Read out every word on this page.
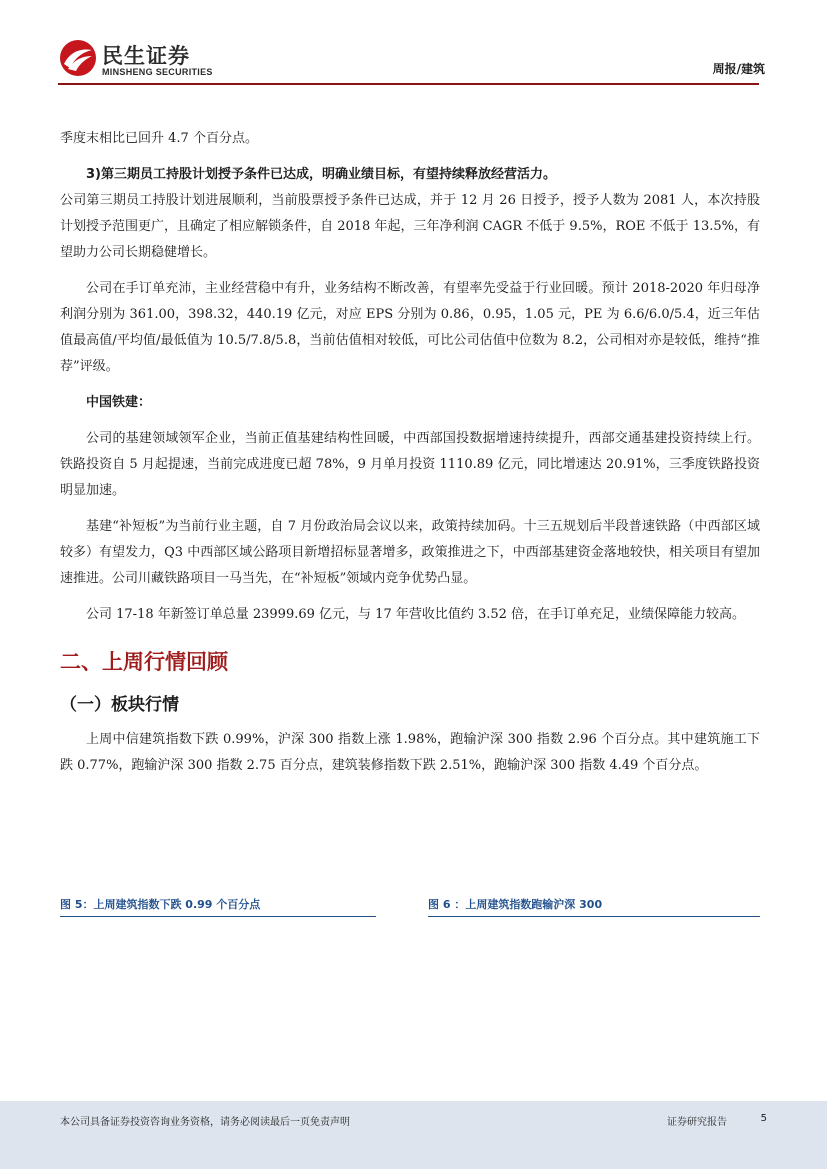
民生证券
MINSHENG SECURITIES	周报/建筑

季度末相比已回升 4.7 个百分点。

3)第三期员工持股计划授予条件已达成，明确业绩目标，有望持续释放经营活力。

公司第三期员工持股计划进展顺利，当前股票授予条件已达成，并于 12 月 26 日授予，授予人数为 2081 人，本次持股计划授予范围更广，且确定了相应解锁条件，自 2018 年起，三年净利润 CAGR 不低于 9.5%，ROE 不低于 13.5%，有望助力公司长期稳健增长。

公司在手订单充沛，主业经营稳中有升，业务结构不断改善，有望率先受益于行业回暖。预计 2018-2020 年归母净利润分别为 361.00，398.32，440.19 亿元，对应 EPS 分别为 0.86，0.95，1.05 元，PE 为 6.6/6.0/5.4，近三年估值最高值/平均值/最低值为 10.5/7.8/5.8，当前估值相对较低，可比公司估值中位数为 8.2，公司相对亦是较低，维持“推荐”评级。

中国铁建：

公司的基建领域领军企业，当前正值基建结构性回暖，中西部国投数据增速持续提升，西部交通基建投资持续上行。铁路投资自 5 月起提速，当前完成进度已超 78%，9 月单月投资 1110.89 亿元，同比增速达 20.91%，三季度铁路投资明显加速。

基建“补短板”为当前行业主题，自 7 月份政治局会议以来，政策持续加码。十三五规划后半段普速铁路（中西部区域较多）有望发力，Q3 中西部区域公路项目新增招标显著增多，政策推进之下，中西部基建资金落地较快，相关项目有望加速推进。公司川藏铁路项目一马当先，在“补短板”领域内竞争优势凸显。

公司 17-18 年新签订单总量 23999.69 亿元，与 17 年营收比值约 3.52 倍，在手订单充足，业绩保障能力较高。

二、上周行情回顾
（一）板块行情

上周中信建筑指数下跌 0.99%，沪深 300 指数上涨 1.98%，跑输沪深 300 指数 2.96 个百分点。其中建筑施工下跌 0.77%，跑输沪深 300 指数 2.75 百分点，建筑装修指数下跌 2.51%，跑输沪深 300 指数 4.49 个百分点。

图 5：上周建筑指数下跌 0.99 个百分点	图 6 ：上周建筑指数跑输沪深 300
本公司具备证券投资咨询业务资格，请务必阅读最后一页免责声明	证券研究报告	5
